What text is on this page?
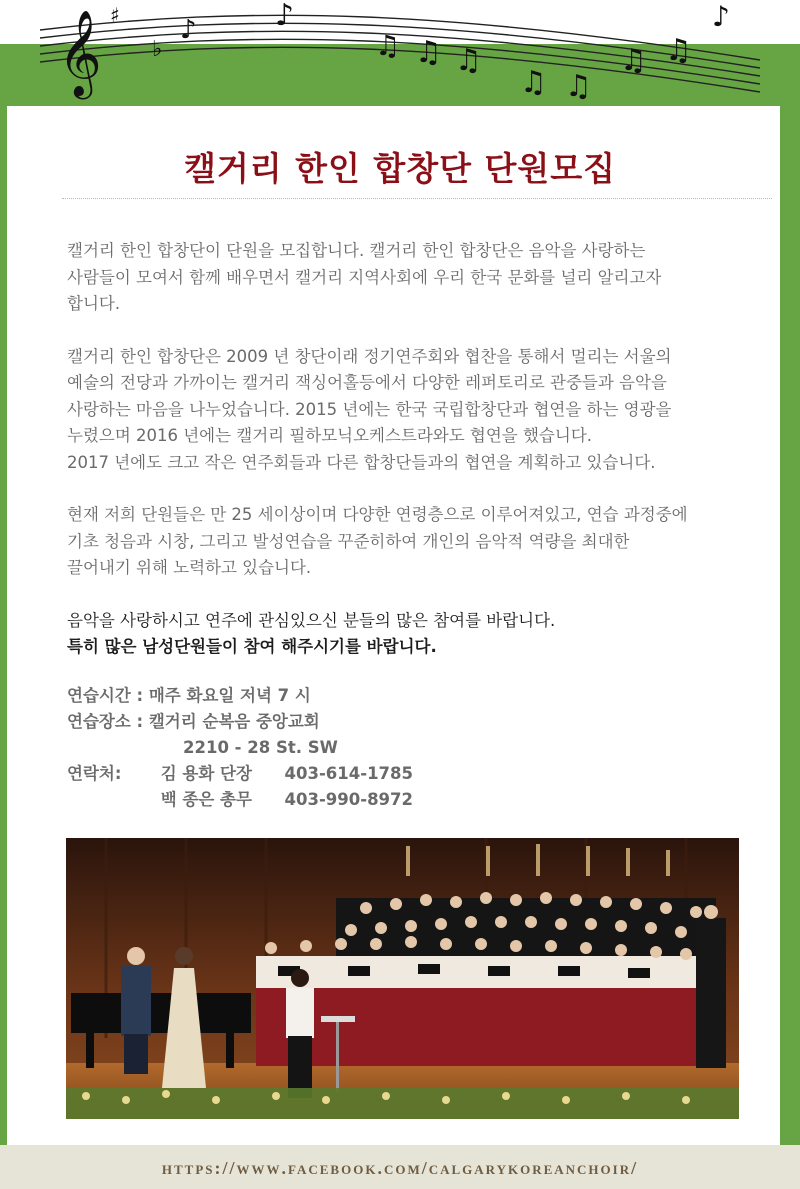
𝄞 ♭
♯ ♪	♪
♫ ♫ ♫
♫ ♫
♫ ♫
♪
캘거리 한인 합창단 단원모집
캘거리 한인 합창단이 단원을 모집합니다. 캘거리 한인 합창단은 음악을 사랑하는
사람들이 모여서 함께 배우면서 캘거리 지역사회에 우리 한국 문화를 널리 알리고자
합니다.
캘거리 한인 합창단은 2009 년 창단이래 정기연주회와 협찬을 통해서 멀리는 서울의
예술의 전당과 가까이는 캘거리 잭싱어홀등에서 다양한 레퍼토리로 관중들과 음악을
사랑하는 마음을 나누었습니다. 2015 년에는 한국 국립합창단과 협연을 하는 영광을
누렸으며 2016 년에는 캘거리 필하모닉오케스트라와도 협연을 했습니다.
2017 년에도 크고 작은 연주회들과 다른 합창단들과의 협연을 계획하고 있습니다.
현재 저희 단원들은 만 25 세이상이며 다양한 연령층으로 이루어져있고, 연습 과정중에
기초 청음과 시창, 그리고 발성연습을 꾸준히하여 개인의 음악적 역량을 최대한
끌어내기 위해 노력하고 있습니다.
음악을 사랑하시고 연주에 관심있으신 분들의 많은 참여를 바랍니다.
특히 많은 남성단원들이 참여 해주시기를 바랍니다.
연습시간 : 매주 화요일 저녁 7 시
연습장소 : 캘거리 순복음 중앙교회
2210 - 28 St. SW
연락처: 김 용화 단장 403-614-1785
백 종은 총무 403-990-8972
https://www.facebook.com/calgarykoreanchoir/
